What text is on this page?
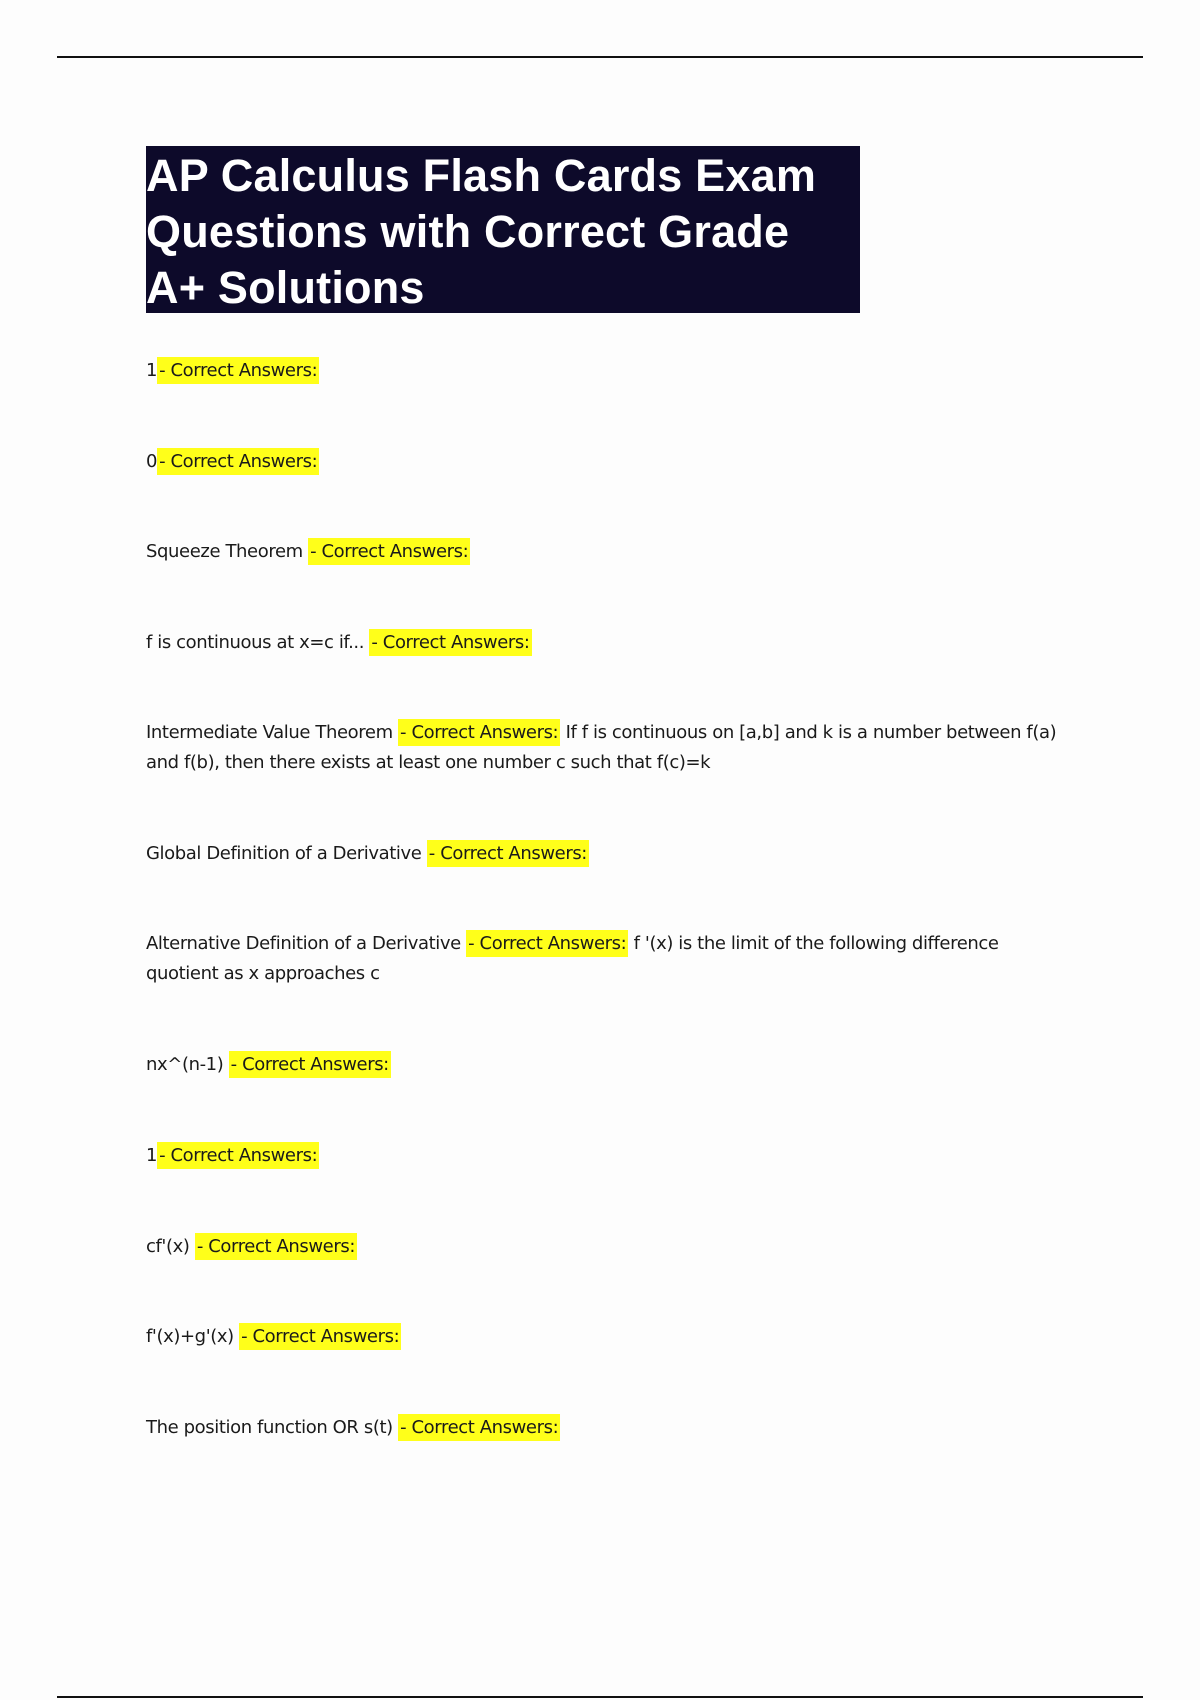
AP Calculus Flash Cards Exam

Questions with Correct Grade

A+ Solutions

1 - Correct Answers:
0 - Correct Answers:
Squeeze Theorem - Correct Answers:
f is continuous at x=c if... - Correct Answers:
Intermediate Value Theorem - Correct Answers: If f is continuous on [a,b] and k is a number between f(a) and f(b), then there exists at least one number c such that f(c)=k
Global Definition of a Derivative - Correct Answers:
Alternative Definition of a Derivative - Correct Answers: f '(x) is the limit of the following difference quotient as x approaches c
nx^(n-1) - Correct Answers:
1 - Correct Answers:
cf'(x) - Correct Answers:
f'(x)+g'(x) - Correct Answers:
The position function OR s(t) - Correct Answers:
